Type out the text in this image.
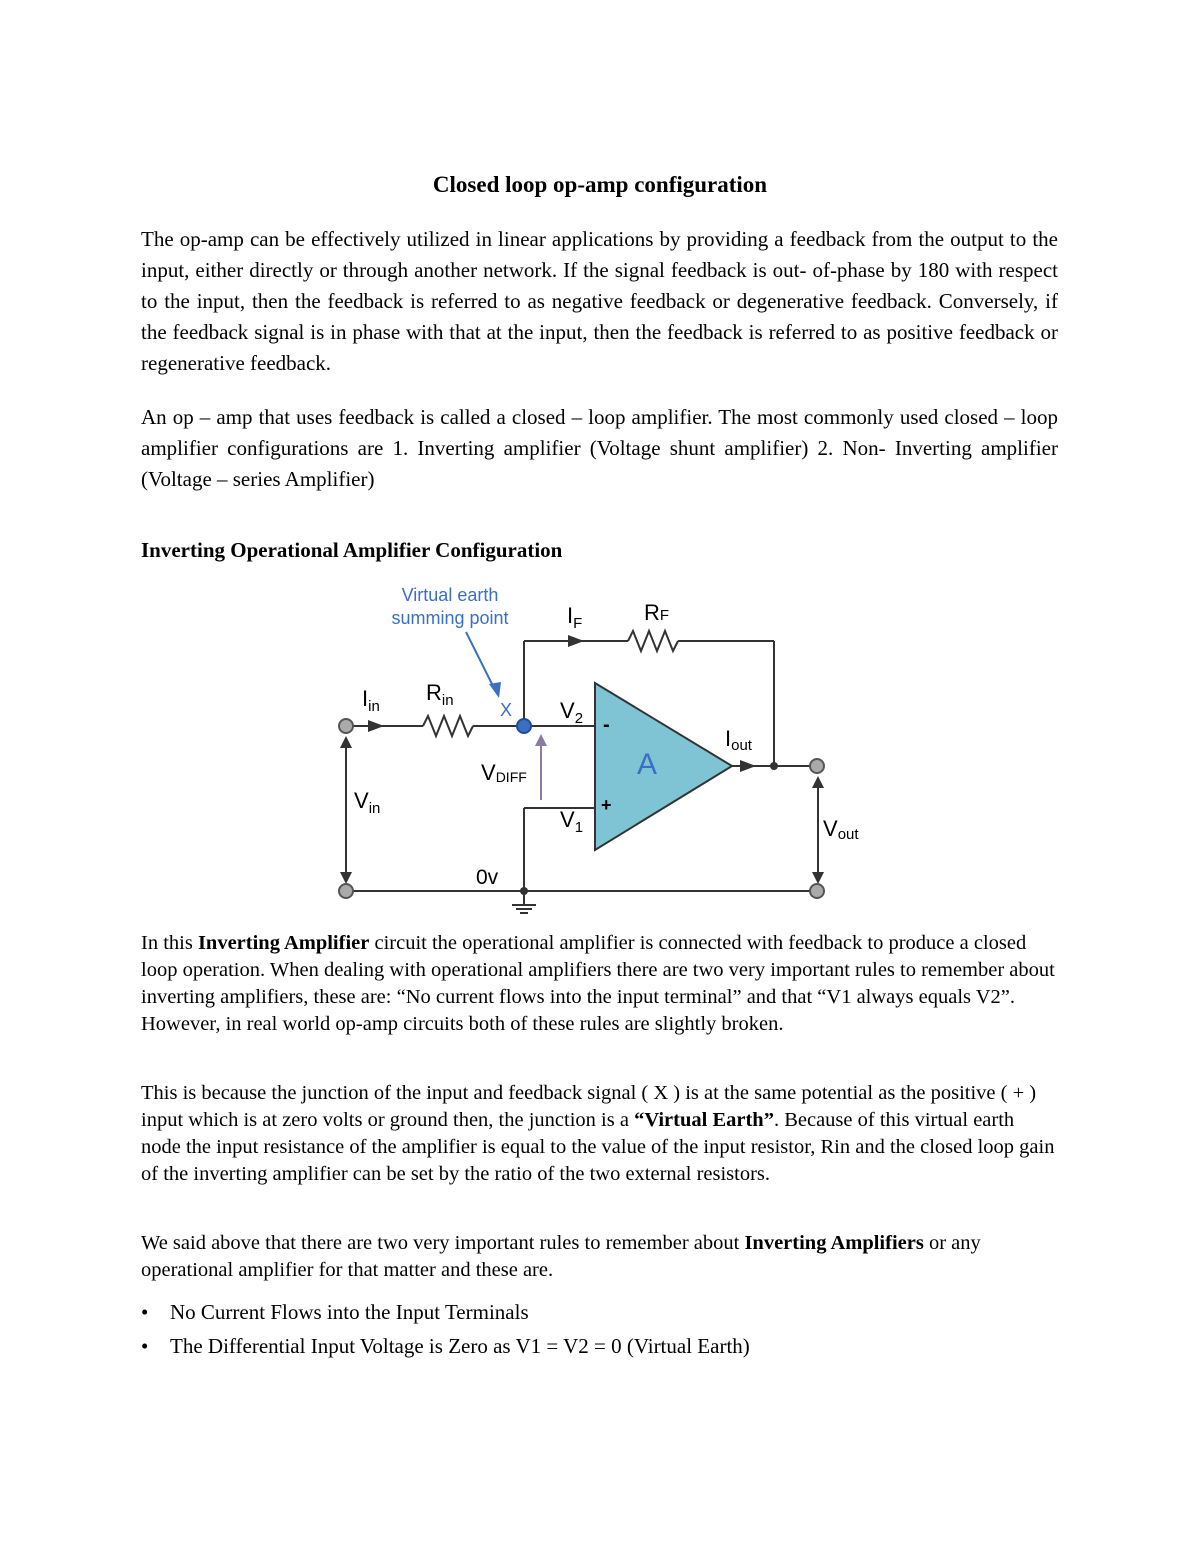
Closed loop op-amp configuration
The op-amp can be effectively utilized in linear applications by providing a feedback from the output to the input, either directly or through another network. If the signal feedback is out- of-phase by 180 with respect to the input, then the feedback is referred to as negative feedback or degenerative feedback. Conversely, if the feedback signal is in phase with that at the input, then the feedback is referred to as positive feedback or regenerative feedback.
An op – amp that uses feedback is called a closed – loop amplifier. The most commonly used closed – loop amplifier configurations are 1. Inverting amplifier (Voltage shunt amplifier) 2. Non- Inverting amplifier (Voltage – series Amplifier)
Inverting Operational Amplifier Configuration
A
-
+
Virtual earth
summing point
X
$I_{in}$
$R_{in}$
$I_F$	RF
$V_2$
$V_1$
VDIFF
Iout
$V_{in}$
Vout
0v
In this Inverting Amplifier circuit the operational amplifier is connected with feedback to produce a closed loop operation. When dealing with operational amplifiers there are two very important rules to remember about inverting amplifiers, these are: “No current flows into the input terminal” and that “V1 always equals V2”. However, in real world op-amp circuits both of these rules are slightly broken.
This is because the junction of the input and feedback signal ( X ) is at the same potential as the positive ( + ) input which is at zero volts or ground then, the junction is a “Virtual Earth”. Because of this virtual earth node the input resistance of the amplifier is equal to the value of the input resistor, Rin and the closed loop gain of the inverting amplifier can be set by the ratio of the two external resistors.
We said above that there are two very important rules to remember about Inverting Amplifiers or any operational amplifier for that matter and these are.
• No Current Flows into the Input Terminals
• The Differential Input Voltage is Zero as V1 = V2 = 0 (Virtual Earth)
